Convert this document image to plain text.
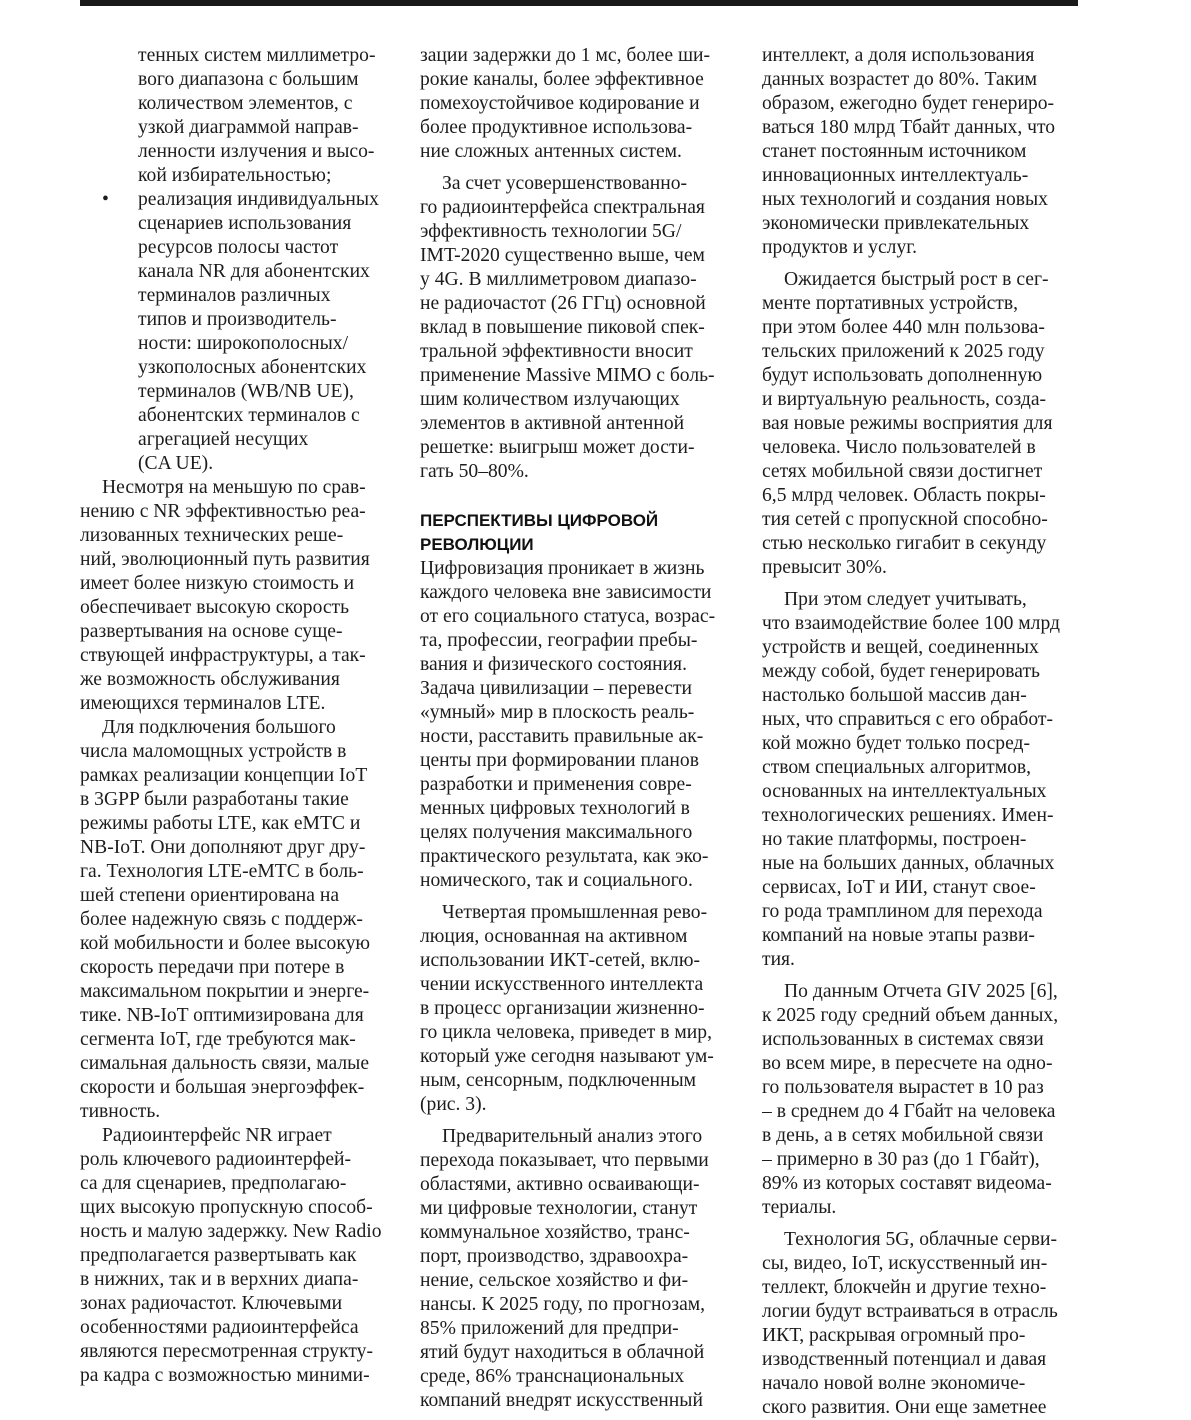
тенных систем миллиметро-
вого диапазона с большим
количеством элементов, с
узкой диаграммой направ-
ленности излучения и высо-
кой избирательностью;
• реализация индивидуальных
сценариев использования
ресурсов полосы частот
канала NR для абонентских
терминалов различных
типов и производитель-
ности: широкополосных/
узкополосных абонентских
терминалов (WB/NB UE),
абонентских терминалов с
агрегацией несущих
(CA UE).
Несмотря на меньшую по срав-
нению с NR эффективностью реа-
лизованных технических реше-
ний, эволюционный путь развития
имеет более низкую стоимость и
обеспечивает высокую скорость
развертывания на основе суще-
ствующей инфраструктуры, а так-
же возможность обслуживания
имеющихся терминалов LTE.
Для подключения большого
числа маломощных устройств в
рамках реализации концепции IoT
в 3GPP были разработаны такие
режимы работы LTE, как eMTC и
NB-IoT. Они дополняют друг дру-
га. Технология LTE-eMTC в боль-
шей степени ориентирована на
более надежную связь с поддерж-
кой мобильности и более высокую
скорость передачи при потере в
максимальном покрытии и энерге-
тике. NB-IoT оптимизирована для
сегмента IoT, где требуются мак-
симальная дальность связи, малые
скорости и большая энергоэффек-
тивность.
Радиоинтерфейс NR играет
роль ключевого радиоинтерфей-
са для сценариев, предполагаю-
щих высокую пропускную способ-
ность и малую задержку. New Radio
предполагается развертывать как
в нижних, так и в верхних диапа-
зонах радиочастот. Ключевыми
особенностями радиоинтерфейса
являются пересмотренная структу-
ра кадра с возможностью миними-
зации задержки до 1 мс, более ши-
рокие каналы, более эффективное
помехоустойчивое кодирование и
более продуктивное использова-
ние сложных антенных систем.
За счет усовершенствованно-
го радиоинтерфейса спектральная
эффективность технологии 5G/
IMT-2020 существенно выше, чем
у 4G. В миллиметровом диапазо-
не радиочастот (26 ГГц) основной
вклад в повышение пиковой спек-
тральной эффективности вносит
применение Massive MIMO с боль-
шим количеством излучающих
элементов в активной антенной
решетке: выигрыш может дости-
гать 50–80%.
ПЕРСПЕКТИВЫ ЦИФРОВОЙ
РЕВОЛЮЦИИ
Цифровизация проникает в жизнь
каждого человека вне зависимости
от его социального статуса, возрас-
та, профессии, географии пребы-
вания и физического состояния.
Задача цивилизации – перевести
«умный» мир в плоскость реаль-
ности, расставить правильные ак-
центы при формировании планов
разработки и применения совре-
менных цифровых технологий в
целях получения максимального
практического результата, как эко-
номического, так и социального.
Четвертая промышленная рево-
люция, основанная на активном
использовании ИКТ-сетей, вклю-
чении искусственного интеллекта
в процесс организации жизненно-
го цикла человека, приведет в мир,
который уже сегодня называют ум-
ным, сенсорным, подключенным
(рис. 3).
Предварительный анализ этого
перехода показывает, что первыми
областями, активно осваивающи-
ми цифровые технологии, станут
коммунальное хозяйство, транс-
порт, производство, здравоохра-
нение, сельское хозяйство и фи-
нансы. К 2025 году, по прогнозам,
85% приложений для предпри-
ятий будут находиться в облачной
среде, 86% транснациональных
компаний внедрят искусственный
интеллект, а доля использования
данных возрастет до 80%. Таким
образом, ежегодно будет генериро-
ваться 180 млрд Тбайт данных, что
станет постоянным источником
инновационных интеллектуаль-
ных технологий и создания новых
экономически привлекательных
продуктов и услуг.
Ожидается быстрый рост в сег-
менте портативных устройств,
при этом более 440 млн пользова-
тельских приложений к 2025 году
будут использовать дополненную
и виртуальную реальность, созда-
вая новые режимы восприятия для
человека. Число пользователей в
сетях мобильной связи достигнет
6,5 млрд человек. Область покры-
тия сетей с пропускной способно-
стью несколько гигабит в секунду
превысит 30%.
При этом следует учитывать,
что взаимодействие более 100 млрд
устройств и вещей, соединенных
между собой, будет генерировать
настолько большой массив дан-
ных, что справиться с его обработ-
кой можно будет только посред-
ством специальных алгоритмов,
основанных на интеллектуальных
технологических решениях. Имен-
но такие платформы, построен-
ные на больших данных, облачных
сервисах, IoT и ИИ, станут свое-
го рода трамплином для перехода
компаний на новые этапы разви-
тия.
По данным Отчета GIV 2025 [6],
к 2025 году средний объем данных,
использованных в системах связи
во всем мире, в пересчете на одно-
го пользователя вырастет в 10 раз
– в среднем до 4 Гбайт на человека
в день, а в сетях мобильной связи
– примерно в 30 раз (до 1 Гбайт),
89% из которых составят видеома-
териалы.
Технология 5G, облачные серви-
сы, видео, IoT, искусственный ин-
теллект, блокчейн и другие техно-
логии будут встраиваться в отрасль
ИКТ, раскрывая огромный про-
изводственный потенциал и давая
начало новой волне экономиче-
ского развития. Они еще заметнее
